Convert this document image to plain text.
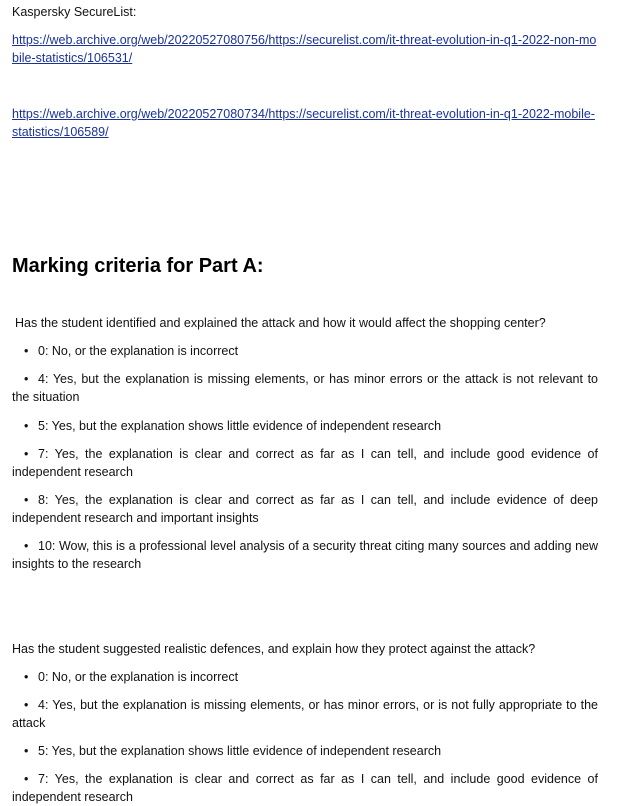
Kaspersky SecureList:

https://web.archive.org/web/20220527080756/https://securelist.com/it-threat-evolution-in-q1-2022-non-mobile-statistics/106531/
https://web.archive.org/web/20220527080734/https://securelist.com/it-threat-evolution-in-q1-2022-mobile-statistics/106589/
Marking criteria for Part A:

Has the student identified and explained the attack and how it would affect the shopping center?

• 0: No, or the explanation is incorrect

• 4: Yes, but the explanation is missing elements, or has minor errors or the attack is not relevant to the situation

• 5: Yes, but the explanation shows little evidence of independent research

• 7: Yes, the explanation is clear and correct as far as I can tell, and include good evidence of independent research

• 8: Yes, the explanation is clear and correct as far as I can tell, and include evidence of deep independent research and important insights

• 10: Wow, this is a professional level analysis of a security threat citing many sources and adding new insights to the research

Has the student suggested realistic defences, and explain how they protect against the attack?

• 0: No, or the explanation is incorrect

• 4: Yes, but the explanation is missing elements, or has minor errors, or is not fully appropriate to the attack

• 5: Yes, but the explanation shows little evidence of independent research

• 7: Yes, the explanation is clear and correct as far as I can tell, and include good evidence of independent research
